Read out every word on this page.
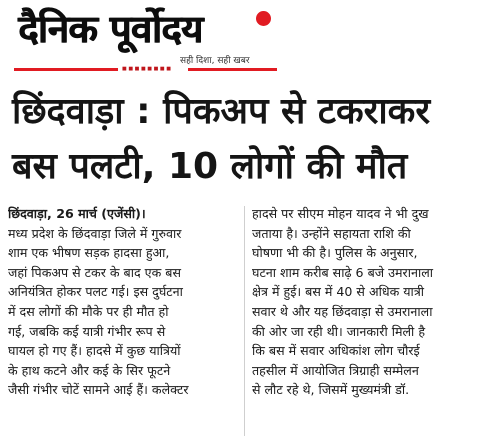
दैनिक पूर्वोदय
सही दिशा, सही खबर
■ ■ ■ ■ ■ ■ ■ ■
छिंदवाड़ा : पिकअप से टकराकर
बस पलटी, 10 लोगों की मौत
छिंदवाड़ा, 26 मार्च (एजेंसी)।
मध्य प्रदेश के छिंदवाड़ा जिले में गुरुवार
शाम एक भीषण सड़क हादसा हुआ,
जहां पिकअप से टकर के बाद एक बस
अनियंत्रित होकर पलट गई। इस दुर्घटना
में दस लोगों की मौके पर ही मौत हो
गई, जबकि कई यात्री गंभीर रूप से
घायल हो गए हैं। हादसे में कुछ यात्रियों
के हाथ कटने और कई के सिर फूटने
जैसी गंभीर चोटें सामने आई हैं। कलेक्टर
हादसे पर सीएम मोहन यादव ने भी दुख
जताया है। उन्होंने सहायता राशि की
घोषणा भी की है। पुलिस के अनुसार,
घटना शाम करीब साढ़े 6 बजे उमरानाला
क्षेत्र में हुई। बस में 40 से अधिक यात्री
सवार थे और यह छिंदवाड़ा से उमरानाला
की ओर जा रही थी। जानकारी मिली है
कि बस में सवार अधिकांश लोग चौरई
तहसील में आयोजित त्रिग्राही सम्मेलन
से लौट रहे थे, जिसमें मुख्यमंत्री डॉ.
